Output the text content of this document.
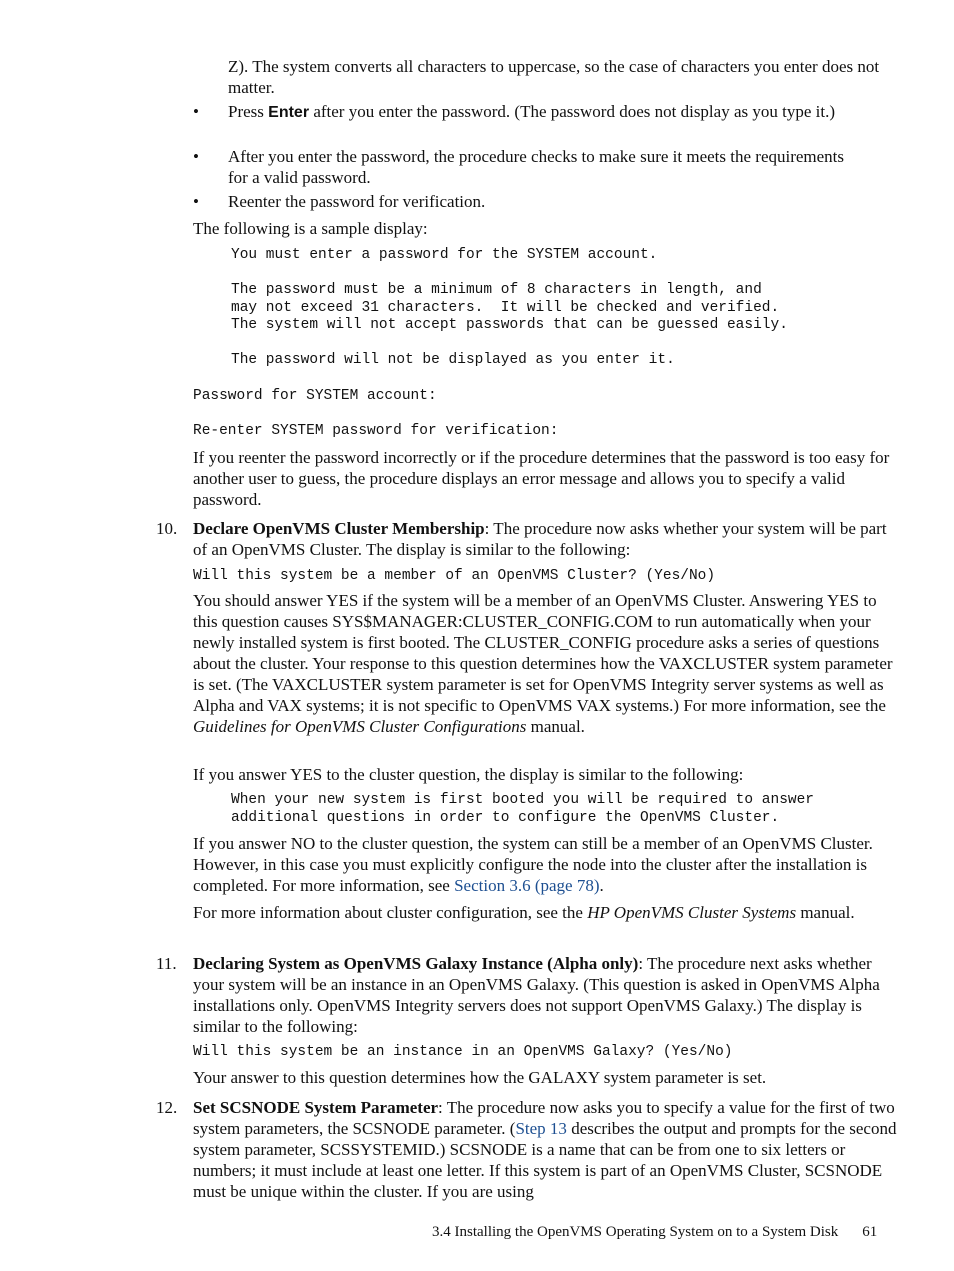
Z). The system converts all characters to uppercase, so the case of characters you enter does not matter.

• Press Enter after you enter the password. (The password does not display as you type it.)

• After you enter the password, the procedure checks to make sure it meets the requirements for a valid password.

• Reenter the password for verification.

The following is a sample display:

You must enter a password for the SYSTEM account.

The password must be a minimum of 8 characters in length, and
may not exceed 31 characters.  It will be checked and verified.
The system will not accept passwords that can be guessed easily.

The password will not be displayed as you enter it.
Password for SYSTEM account:
Re-enter SYSTEM password for verification:

If you reenter the password incorrectly or if the procedure determines that the password is too easy for another user to guess, the procedure displays an error message and allows you to specify a valid password.

10. Declare OpenVMS Cluster Membership: The procedure now asks whether your system will be part of an OpenVMS Cluster. The display is similar to the following:

Will this system be a member of an OpenVMS Cluster? (Yes/No)

You should answer YES if the system will be a member of an OpenVMS Cluster. Answering YES to this question causes SYS$MANAGER:CLUSTER_CONFIG.COM to run automatically when your newly installed system is first booted. The CLUSTER_CONFIG procedure asks a series of questions about the cluster. Your response to this question determines how the VAXCLUSTER system parameter is set. (The VAXCLUSTER system parameter is set for OpenVMS Integrity server systems as well as Alpha and VAX systems; it is not specific to OpenVMS VAX systems.) For more information, see the Guidelines for OpenVMS Cluster Configurations manual.

If you answer YES to the cluster question, the display is similar to the following:

When your new system is first booted you will be required to answer
additional questions in order to configure the OpenVMS Cluster.

If you answer NO to the cluster question, the system can still be a member of an OpenVMS Cluster. However, in this case you must explicitly configure the node into the cluster after the installation is completed. For more information, see Section 3.6 (page 78).

For more information about cluster configuration, see the HP OpenVMS Cluster Systems manual.

11. Declaring System as OpenVMS Galaxy Instance (Alpha only): The procedure next asks whether your system will be an instance in an OpenVMS Galaxy. (This question is asked in OpenVMS Alpha installations only. OpenVMS Integrity servers does not support OpenVMS Galaxy.) The display is similar to the following:

Will this system be an instance in an OpenVMS Galaxy? (Yes/No)

Your answer to this question determines how the GALAXY system parameter is set.

12. Set SCSNODE System Parameter: The procedure now asks you to specify a value for the first of two system parameters, the SCSNODE parameter. (Step 13 describes the output and prompts for the second system parameter, SCSSYSTEMID.) SCSNODE is a name that can be from one to six letters or numbers; it must include at least one letter. If this system is part of an OpenVMS Cluster, SCSNODE must be unique within the cluster. If you are using

3.4 Installing the OpenVMS Operating System on to a System Disk 61
